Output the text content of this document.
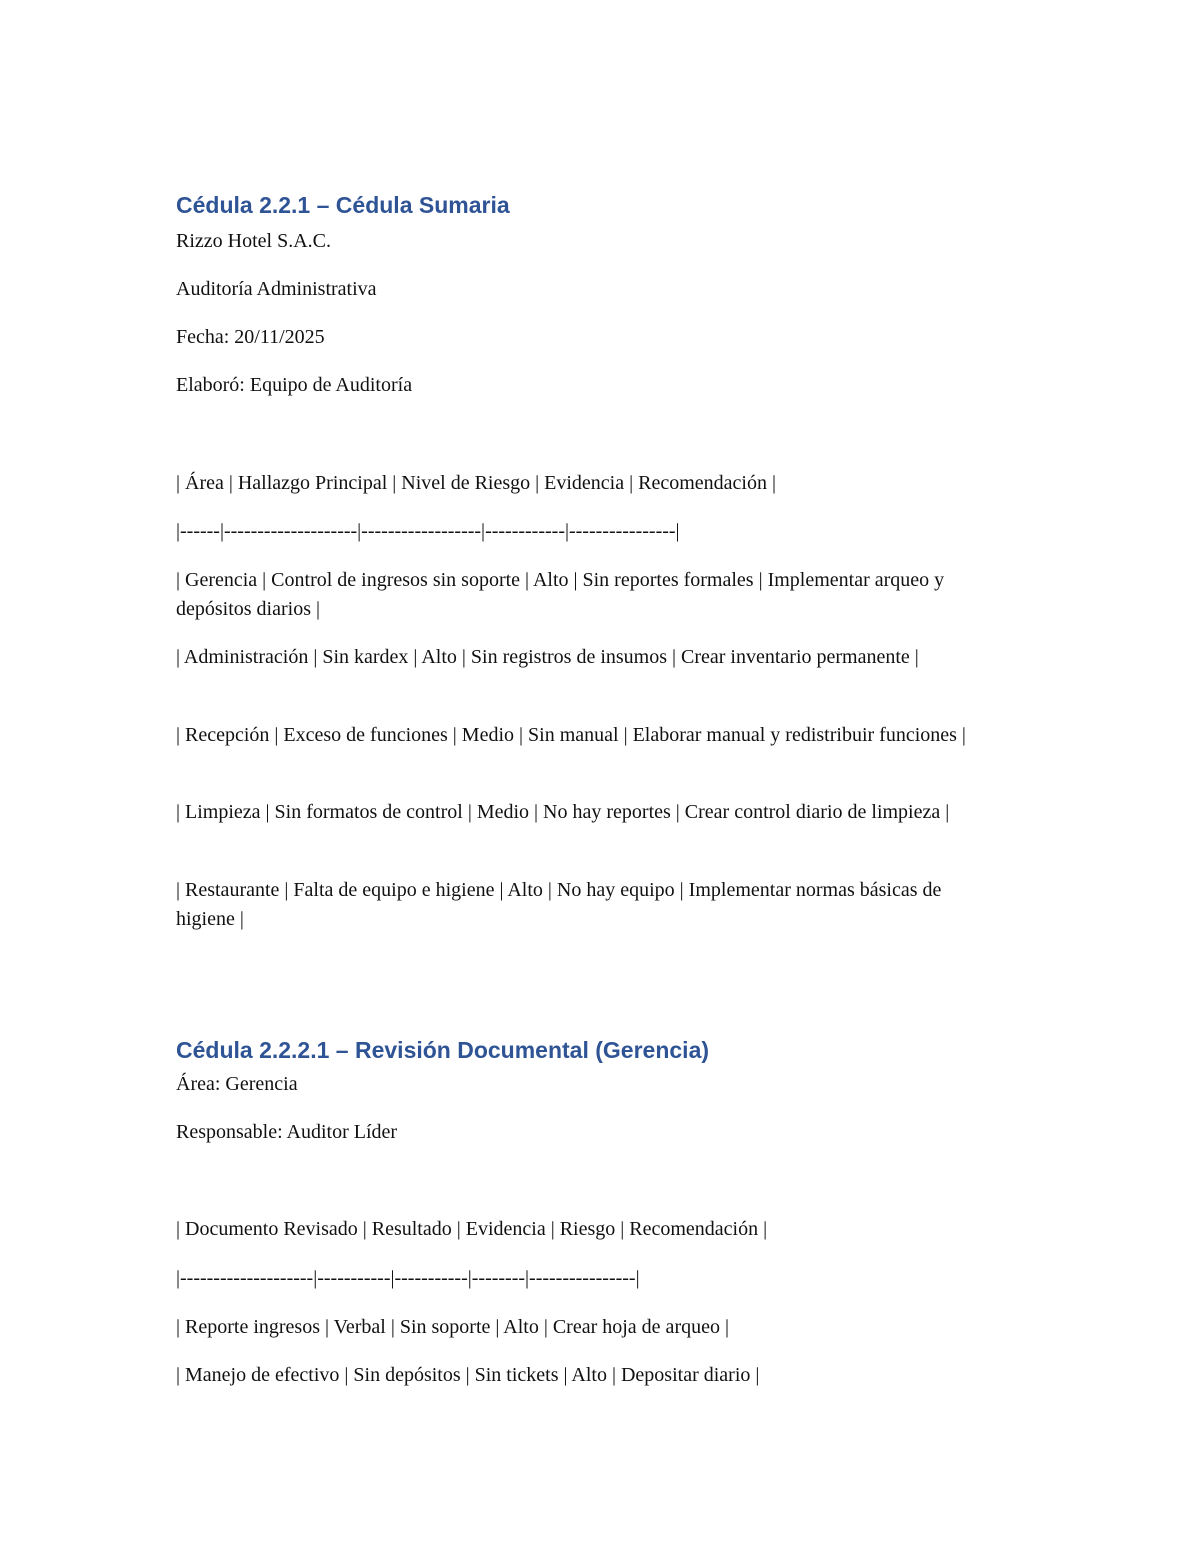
Cédula 2.2.1 – Cédula Sumaria

Rizzo Hotel S.A.C.

Auditoría Administrativa

Fecha: 20/11/2025

Elaboró: Equipo de Auditoría

| Área | Hallazgo Principal | Nivel de Riesgo | Evidencia | Recomendación |

|------|--------------------|------------------|------------|----------------|

| Gerencia | Control de ingresos sin soporte | Alto | Sin reportes formales | Implementar arqueo y depósitos diarios |

| Administración | Sin kardex | Alto | Sin registros de insumos | Crear inventario permanente |

| Recepción | Exceso de funciones | Medio | Sin manual | Elaborar manual y redistribuir funciones |

| Limpieza | Sin formatos de control | Medio | No hay reportes | Crear control diario de limpieza |

| Restaurante | Falta de equipo e higiene | Alto | No hay equipo | Implementar normas básicas de higiene |

Cédula 2.2.2.1 – Revisión Documental (Gerencia)

Área: Gerencia

Responsable: Auditor Líder

| Documento Revisado | Resultado | Evidencia | Riesgo | Recomendación |

|--------------------|-----------|-----------|--------|----------------|

| Reporte ingresos | Verbal | Sin soporte | Alto | Crear hoja de arqueo |

| Manejo de efectivo | Sin depósitos | Sin tickets | Alto | Depositar diario |
